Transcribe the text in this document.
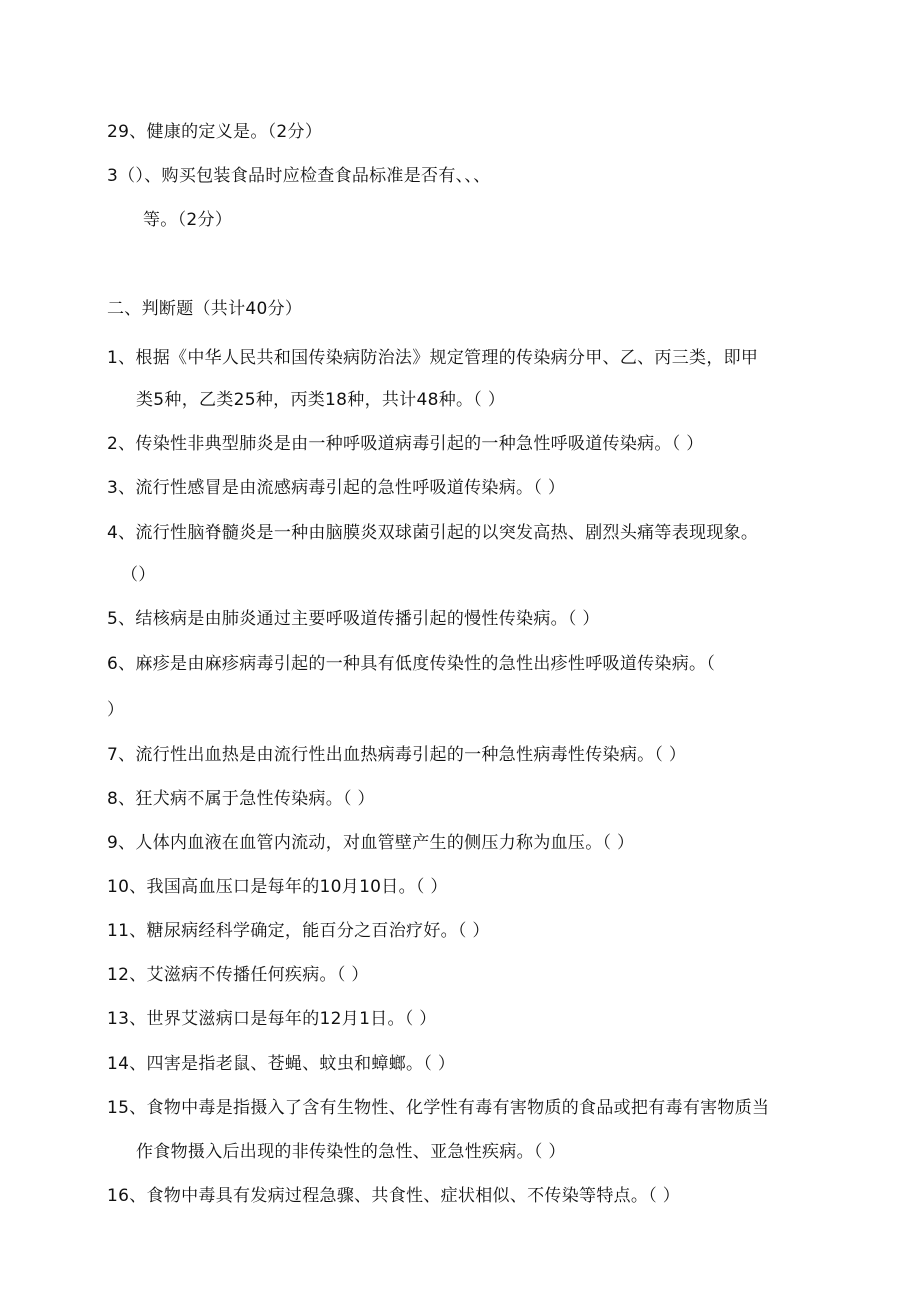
29、健康的定义是。（2分）
3（）、购买包装食品时应检查食品标准是否有、、、
等。（2分）
二、判断题（共计40分）
1、根据《中华人民共和国传染病防治法》规定管理的传染病分甲、乙、丙三类，即甲
类5种，乙类25种，丙类18种，共计48种。（ ）
2、传染性非典型肺炎是由一种呼吸道病毒引起的一种急性呼吸道传染病。（ ）
3、流行性感冒是由流感病毒引起的急性呼吸道传染病。（ ）
4、流行性脑脊髓炎是一种由脑膜炎双球菌引起的以突发高热、剧烈头痛等表现现象。
（）
5、结核病是由肺炎通过主要呼吸道传播引起的慢性传染病。（ ）
6、麻疹是由麻疹病毒引起的一种具有低度传染性的急性出疹性呼吸道传染病。（
）
7、流行性出血热是由流行性出血热病毒引起的一种急性病毒性传染病。（ ）
8、狂犬病不属于急性传染病。（ ）
9、人体内血液在血管内流动，对血管壁产生的侧压力称为血压。（ ）
10、我国高血压口是每年的10月10日。（ ）
11、糖尿病经科学确定，能百分之百治疗好。（ ）
12、艾滋病不传播任何疾病。（ ）
13、世界艾滋病口是每年的12月1日。（ ）
14、四害是指老鼠、苍蝇、蚊虫和蟑螂。（ ）
15、食物中毒是指摄入了含有生物性、化学性有毒有害物质的食品或把有毒有害物质当
作食物摄入后出现的非传染性的急性、亚急性疾病。（ ）
16、食物中毒具有发病过程急骤、共食性、症状相似、不传染等特点。（ ）
